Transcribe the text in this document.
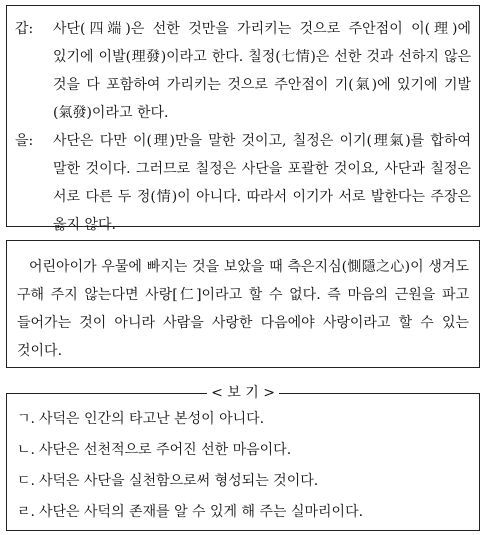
갑:	사단(四端)은 선한 것만을 가리키는 것으로 주안점이 이(理)에 있기에 이발(理發)이라고 한다. 칠정(七情)은 선한 것과 선하지 않은 것을 다 포함하여 가리키는 것으로 주안점이 기(氣)에 있기에 기발(氣發)이라고 한다.
을:	사단은 다만 이(理)만을 말한 것이고, 칠정은 이기(理氣)를 합하여 말한 것이다. 그러므로 칠정은 사단을 포괄한 것이요, 사단과 칠정은 서로 다른 두 정(情)이 아니다. 따라서 이기가 서로 발한다는 주장은 옳지 않다.
어린아이가 우물에 빠지는 것을 보았을 때 측은지심(惻隱之心)이 생겨도 구해 주지 않는다면 사랑[仁]이라고 할 수 없다. 즉 마음의 근원을 파고 들어가는 것이 아니라 사람을 사랑한 다음에야 사랑이라고 할 수 있는 것이다.
< 보 기 >
ㄱ. 사덕은 인간의 타고난 본성이 아니다.
ㄴ. 사단은 선천적으로 주어진 선한 마음이다.
ㄷ. 사덕은 사단을 실천함으로써 형성되는 것이다.
ㄹ. 사단은 사덕의 존재를 알 수 있게 해 주는 실마리이다.
